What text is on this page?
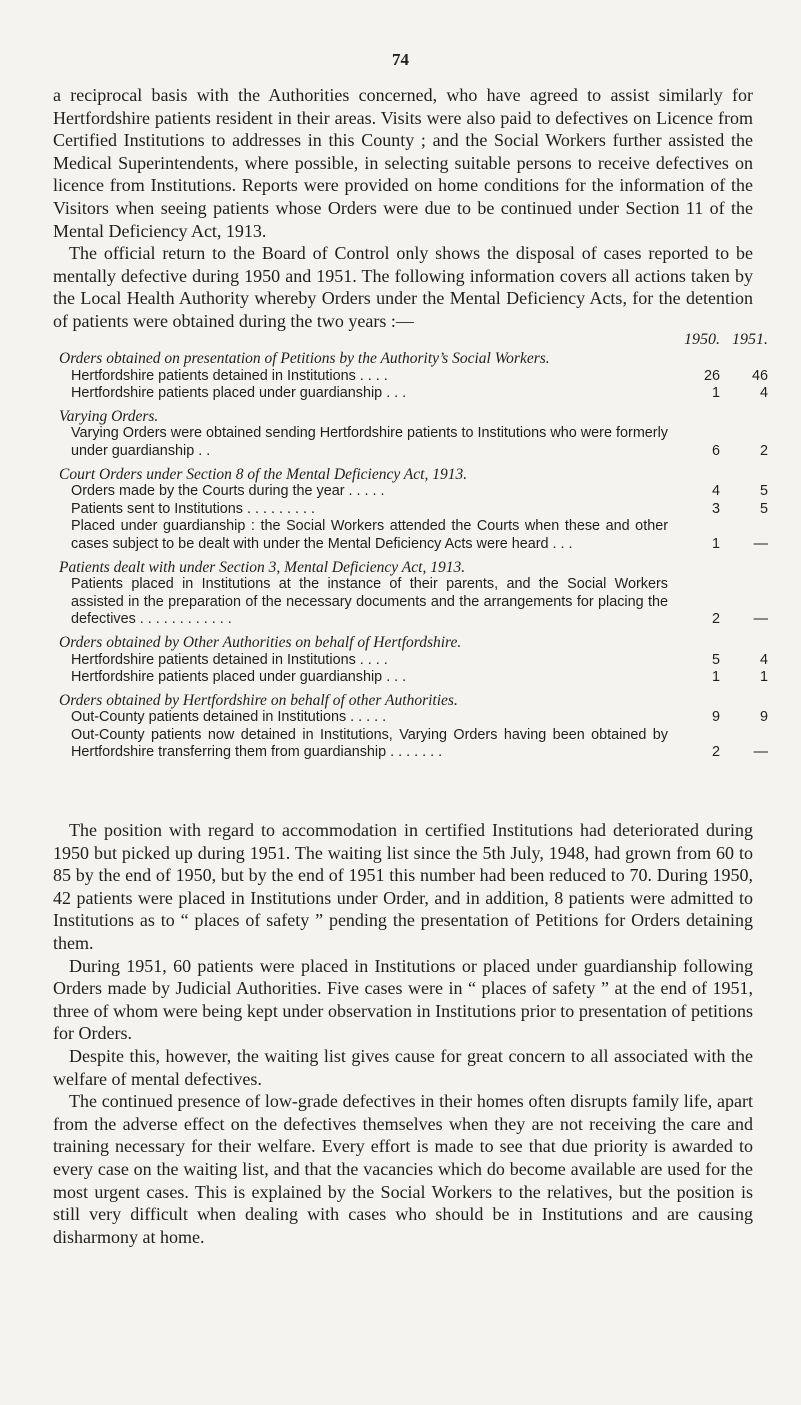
74

a reciprocal basis with the Authorities concerned, who have agreed to assist similarly for Hertfordshire patients resident in their areas. Visits were also paid to defectives on Licence from Certified Institutions to addresses in this County ; and the Social Workers further assisted the Medical Superintendents, where possible, in selecting suitable persons to receive defectives on licence from Institutions. Reports were provided on home conditions for the information of the Visitors when seeing patients whose Orders were due to be continued under Section 11 of the Mental Deficiency Act, 1913.

The official return to the Board of Control only shows the disposal of cases reported to be mentally defective during 1950 and 1951. The following information covers all actions taken by the Local Health Authority whereby Orders under the Mental Deficiency Acts, for the detention of patients were obtained during the two years :—

1950. 1951.
Orders obtained on presentation of Petitions by the Authority’s Social Workers.
Hertfordshire patients detained in Institutions . . . .	26	46
Hertfordshire patients placed under guardianship . . .	1	4
Varying Orders.
Varying Orders were obtained sending Hertfordshire patients to Institutions who were formerly under guardianship . .	6	2
Court Orders under Section 8 of the Mental Deficiency Act, 1913.
Orders made by the Courts during the year . . . . .	4	5
Patients sent to Institutions . . . . . . . . .	3	5
Placed under guardianship : the Social Workers attended the Courts when these and other cases subject to be dealt with under the Mental Deficiency Acts were heard . . .	1	—
Patients dealt with under Section 3, Mental Deficiency Act, 1913.
Patients placed in Institutions at the instance of their parents, and the Social Workers assisted in the preparation of the necessary documents and the arrangements for placing the defectives . . . . . . . . . . . .	2	—
Orders obtained by Other Authorities on behalf of Hertfordshire.
Hertfordshire patients detained in Institutions . . . .	5	4
Hertfordshire patients placed under guardianship . . .	1	1
Orders obtained by Hertfordshire on behalf of other Authorities.
Out-County patients detained in Institutions . . . . .	9	9
Out-County patients now detained in Institutions, Varying Orders having been obtained by Hertfordshire transferring them from guardianship . . . . . . .	2	—

The position with regard to accommodation in certified Institutions had deteriorated during 1950 but picked up during 1951. The waiting list since the 5th July, 1948, had grown from 60 to 85 by the end of 1950, but by the end of 1951 this number had been reduced to 70. During 1950, 42 patients were placed in Institutions under Order, and in addition, 8 patients were admitted to Institutions as to “ places of safety ” pending the presentation of Petitions for Orders detaining them.

During 1951, 60 patients were placed in Institutions or placed under guardianship following Orders made by Judicial Authorities. Five cases were in “ places of safety ” at the end of 1951, three of whom were being kept under observation in Institutions prior to presentation of petitions for Orders.

Despite this, however, the waiting list gives cause for great concern to all associated with the welfare of mental defectives.

The continued presence of low-grade defectives in their homes often disrupts family life, apart from the adverse effect on the defectives themselves when they are not receiving the care and training necessary for their welfare. Every effort is made to see that due priority is awarded to every case on the waiting list, and that the vacancies which do become available are used for the most urgent cases. This is explained by the Social Workers to the relatives, but the position is still very difficult when dealing with cases who should be in Institutions and are causing disharmony at home.
